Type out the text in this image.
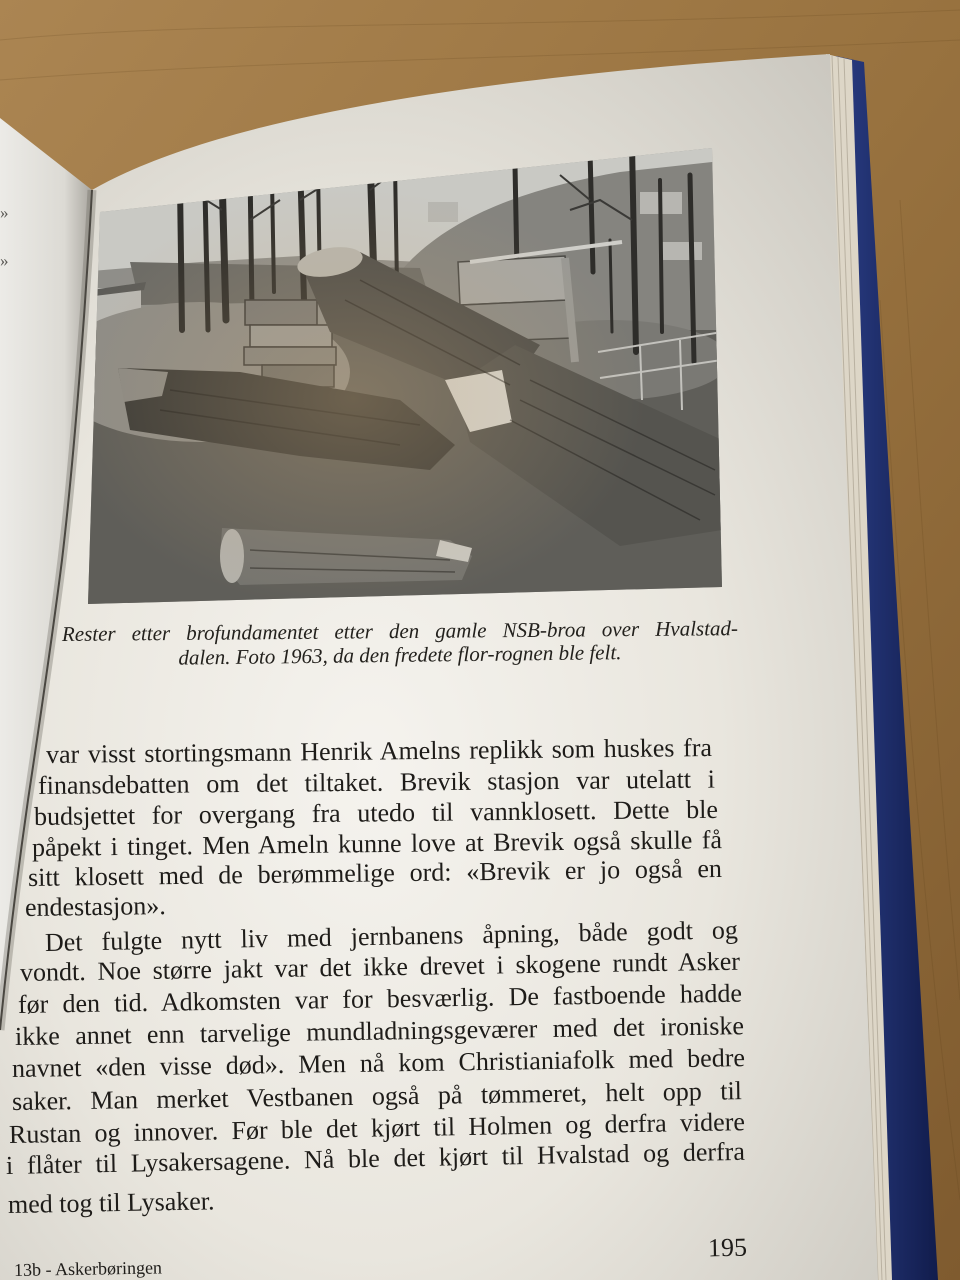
»
»
Rester etter brofundamentet etter den gamle NSB-broa over Hvalstad-
dalen. Foto 1963, da den fredete flor-rognen ble felt.
var visst stortingsmann Henrik Amelns replikk som huskes fra
finansdebatten om det tiltaket. Brevik stasjon var utelatt i
budsjettet for overgang fra utedo til vannklosett. Dette ble
påpekt i tinget. Men Ameln kunne love at Brevik også skulle få
sitt klosett med de berømmelige ord: «Brevik er jo også en
endestasjon».
Det fulgte nytt liv med jernbanens åpning, både godt og
vondt. Noe større jakt var det ikke drevet i skogene rundt Asker
før den tid. Adkomsten var for besværlig. De fastboende hadde
ikke annet enn tarvelige mundladningsgeværer med det ironiske
navnet «den visse død». Men nå kom Christianiafolk med bedre
saker. Man merket Vestbanen også på tømmeret, helt opp til
Rustan og innover. Før ble det kjørt til Holmen og derfra videre
i flåter til Lysakersagene. Nå ble det kjørt til Hvalstad og derfra
med tog til Lysaker.
195
13b - Askerbøringen
